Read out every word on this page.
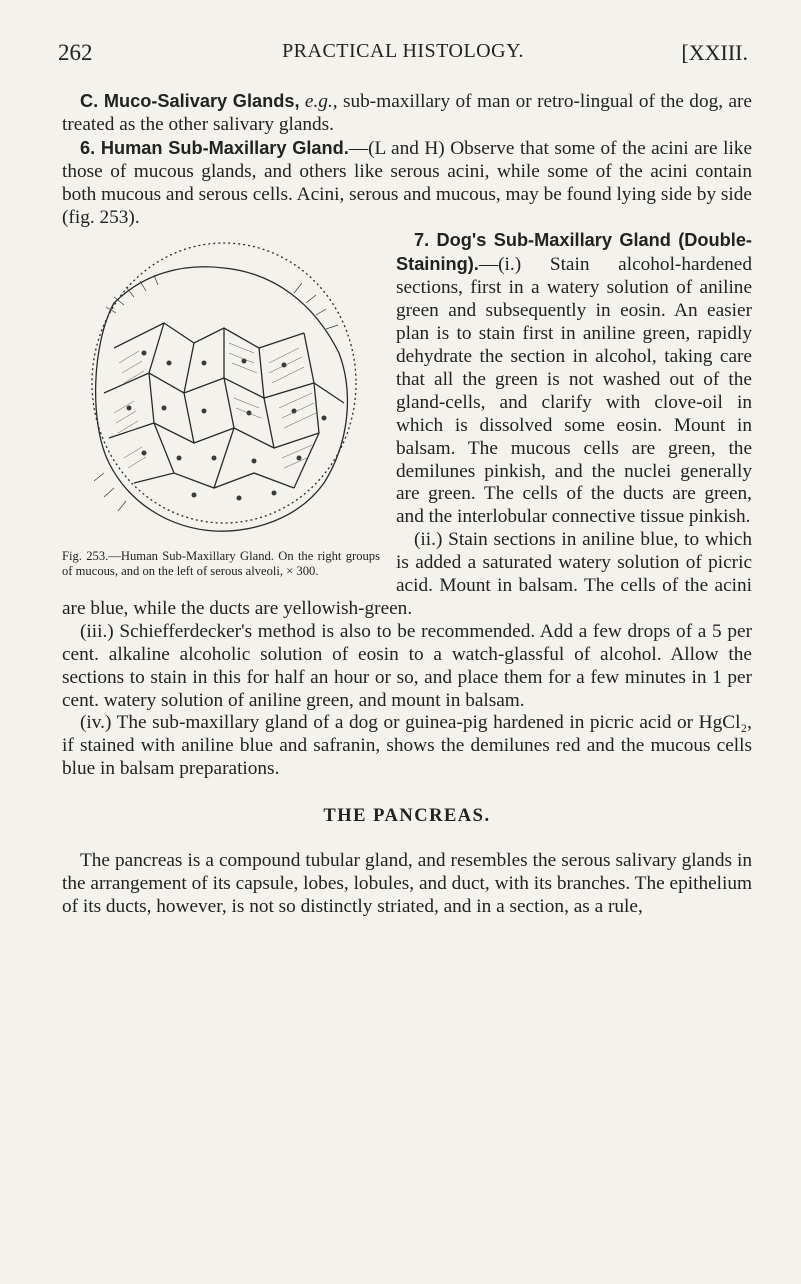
262	PRACTICAL HISTOLOGY.	[XXIII.

C. Muco-Salivary Glands, e.g., sub-maxillary of man or retro-lingual of the dog, are treated as the other salivary glands.

6. Human Sub-Maxillary Gland.—(L and H) Observe that some of the acini are like those of mucous glands, and others like serous acini, while some of the acini contain both mucous and serous cells. Acini, serous and mucous, may be found lying side by side (fig. 253).

Fig. 253.—Human Sub-Maxillary Gland. On the right groups of mucous, and on the left of serous alveoli, × 300.

7. Dog's Sub-Maxillary Gland (Double-Staining).—(i.) Stain alcohol-hardened sections, first in a watery solution of aniline green and subsequently in eosin. An easier plan is to stain first in aniline green, rapidly dehydrate the section in alcohol, taking care that all the green is not washed out of the gland-cells, and clarify with clove-oil in which is dissolved some eosin. Mount in balsam. The mucous cells are green, the demilunes pinkish, and the nuclei generally are green. The cells of the ducts are green, and the interlobular connective tissue pinkish.

(ii.) Stain sections in aniline blue, to which is added a saturated watery solution of picric acid. Mount in balsam. The cells of the acini are blue, while the ducts are yellowish-green.

(iii.) Schiefferdecker's method is also to be recommended. Add a few drops of a 5 per cent. alkaline alcoholic solution of eosin to a watch-glassful of alcohol. Allow the sections to stain in this for half an hour or so, and place them for a few minutes in 1 per cent. watery solution of aniline green, and mount in balsam.

(iv.) The sub-maxillary gland of a dog or guinea-pig hardened in picric acid or HgCl₂, if stained with aniline blue and safranin, shows the demilunes red and the mucous cells blue in balsam preparations.

THE PANCREAS.

The pancreas is a compound tubular gland, and resembles the serous salivary glands in the arrangement of its capsule, lobes, lobules, and duct, with its branches. The epithelium of its ducts, however, is not so distinctly striated, and in a section, as a rule,
